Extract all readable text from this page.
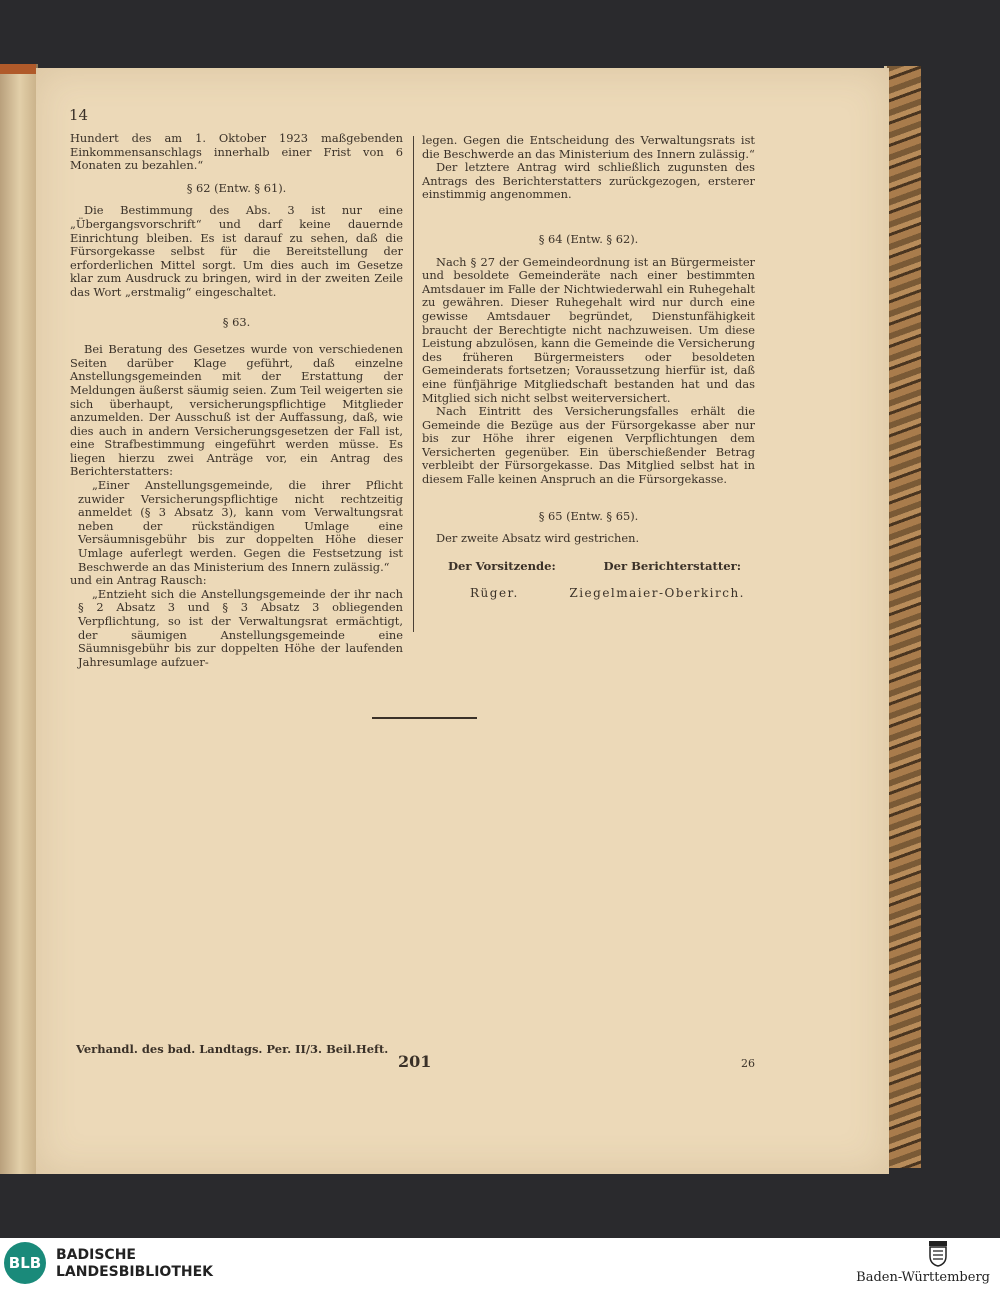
14

Hundert des am 1. Oktober 1923 maßgebenden Einkommensanschlags innerhalb einer Frist von 6 Monaten zu bezahlen.“

§ 62 (Entw. § 61).

Die Bestimmung des Abs. 3 ist nur eine „Übergangsvorschrift“ und darf keine dauernde Einrichtung bleiben. Es ist darauf zu sehen, daß die Fürsorgekasse selbst für die Bereitstellung der erforderlichen Mittel sorgt. Um dies auch im Gesetze klar zum Ausdruck zu bringen, wird in der zweiten Zeile das Wort „erstmalig“ eingeschaltet.

§ 63.

Bei Beratung des Gesetzes wurde von verschiedenen Seiten darüber Klage geführt, daß einzelne Anstellungsgemeinden mit der Erstattung der Meldungen äußerst säumig seien. Zum Teil weigerten sie sich überhaupt, versicherungspflichtige Mitglieder anzumelden. Der Ausschuß ist der Auffassung, daß, wie dies auch in andern Versicherungsgesetzen der Fall ist, eine Strafbestimmung eingeführt werden müsse. Es liegen hierzu zwei Anträge vor, ein Antrag des Berichterstatters:

„Einer Anstellungsgemeinde, die ihrer Pflicht zuwider Versicherungspflichtige nicht rechtzeitig anmeldet (§ 3 Absatz 3), kann vom Verwaltungsrat neben der rückständigen Umlage eine Versäumnisgebühr bis zur doppelten Höhe dieser Umlage auferlegt werden. Gegen die Festsetzung ist Beschwerde an das Ministerium des Innern zulässig.“

und ein Antrag Rausch:

„Entzieht sich die Anstellungsgemeinde der ihr nach § 2 Absatz 3 und § 3 Absatz 3 obliegenden Verpflichtung, so ist der Verwaltungsrat ermächtigt, der säumigen Anstellungsgemeinde eine Säumnisgebühr bis zur doppelten Höhe der laufenden Jahresumlage aufzuer-

legen. Gegen die Entscheidung des Verwaltungsrats ist die Beschwerde an das Ministerium des Innern zulässig.“

Der letztere Antrag wird schließlich zugunsten des Antrags des Berichterstatters zurückgezogen, ersterer einstimmig angenommen.

§ 64 (Entw. § 62).

Nach § 27 der Gemeindeordnung ist an Bürgermeister und besoldete Gemeinderäte nach einer bestimmten Amtsdauer im Falle der Nichtwiederwahl ein Ruhegehalt zu gewähren. Dieser Ruhegehalt wird nur durch eine gewisse Amtsdauer begründet, Dienstunfähigkeit braucht der Berechtigte nicht nachzuweisen. Um diese Leistung abzulösen, kann die Gemeinde die Versicherung des früheren Bürgermeisters oder besoldeten Gemeinderats fortsetzen; Voraussetzung hierfür ist, daß eine fünfjährige Mitgliedschaft bestanden hat und das Mitglied sich nicht selbst weiterversichert.

Nach Eintritt des Versicherungsfalles erhält die Gemeinde die Bezüge aus der Fürsorgekasse aber nur bis zur Höhe ihrer eigenen Verpflichtungen dem Versicherten gegenüber. Ein überschießender Betrag verbleibt der Fürsorgekasse. Das Mitglied selbst hat in diesem Falle keinen Anspruch an die Fürsorgekasse.

§ 65 (Entw. § 65).

Der zweite Absatz wird gestrichen.

Der Vorsitzende:	Der Berichterstatter:
Rüger.	Ziegelmaier-Oberkirch.
Verhandl. des bad. Landtags. Per. II/3. Beil.Heft.
201	26
BLB	BADISCHE
LANDESBIBLIOTHEK	Baden-Württemberg
